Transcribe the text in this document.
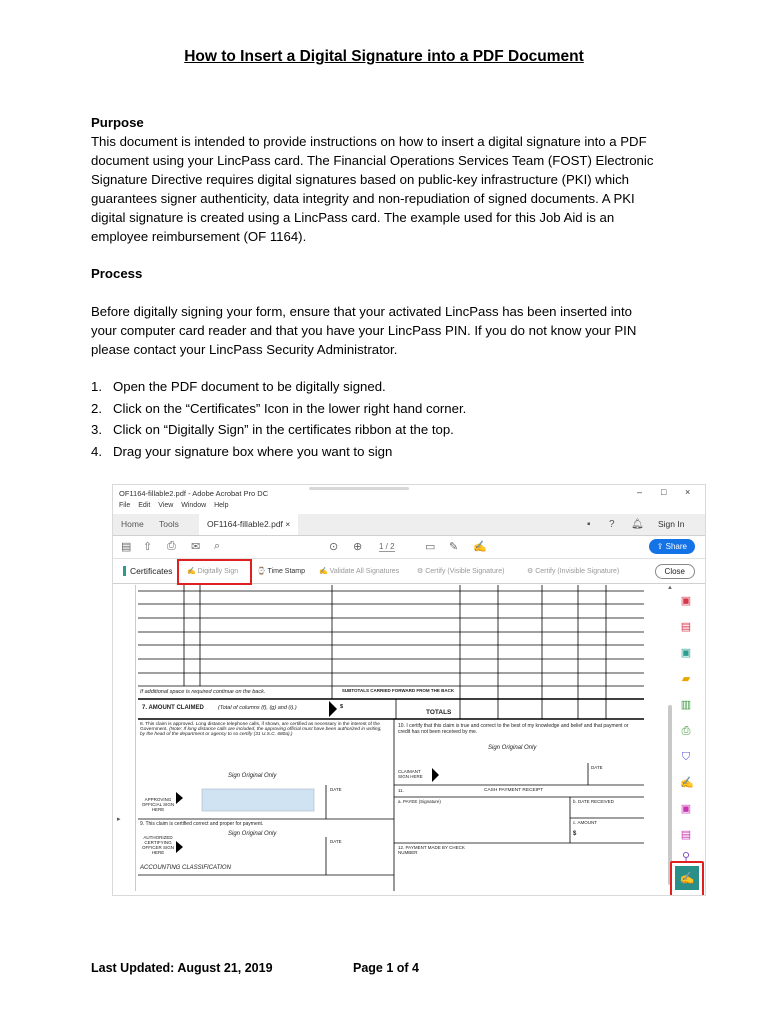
How to Insert a Digital Signature into a PDF Document
Purpose
This document is intended to provide instructions on how to insert a digital signature into a PDF
document using your LincPass card. The Financial Operations Services Team (FOST) Electronic
Signature Directive requires digital signatures based on public-key infrastructure (PKI) which
guarantees signer authenticity, data integrity and non-repudiation of signed documents. A PKI
digital signature is created using a LincPass card. The example used for this Job Aid is an
employee reimbursement (OF 1164).
Process
Before digitally signing your form, ensure that your activated LincPass has been inserted into
your computer card reader and that you have your LincPass PIN. If you do not know your PIN
please contact your LincPass Security Administrator.
1. Open the PDF document to be digitally signed.
2. Click on the “Certificates” Icon in the lower right hand corner.
3. Click on “Digitally Sign” in the certificates ribbon at the top.
4. Drag your signature box where you want to sign
OF1164-fillable2.pdf - Adobe Acrobat Pro DC	– □ ×
File Edit View Window Help
Home Tools	OF1164-fillable2.pdf ×	▪ ? 🔔︎ Sign In
▤ ⇧ ⎙ ✉ ⌕	⊙ ⊕ 1 / 2	▭ ✎ ✍	⇪ Share
Certificates ✍ Digitally Sign	⌚ Time Stamp ✍ Validate All Signatures	⚙ Certify (Visible Signature)	⚙ Certify (Invisible Signature)	Close
If additional space is required continue on the back.	SUBTOTALS CARRIED FORWARD FROM THE BACK
7. AMOUNT CLAIMED	(Total of columns (f), (g) and (i).)	$
TOTALS
8. This claim is approved. Long distance telephone calls, if shown, are certified as necessary in the interest of the Government. (Note: If long distance calls are included, the approving official must have been authorized in writing, by the head of the department or agency to so certify (31 U.S.C. 680a).)
10. I certify that this claim is true and correct to the best of my knowledge and belief and that payment or credit has not been received by me.
Sign Original Only
Sign Original Only
CLAIMANT SIGN HERE
DATE
DATE
APPROVING OFFICIAL SIGN HERE
11.	CASH PAYMENT RECEIPT
a. PAYEE (Signature)	b. DATE RECEIVED
c. AMOUNT
$
9. This claim is certified correct and proper for payment.
Sign Original Only
AUTHORIZED CERTIFYING OFFICER SIGN HERE
DATE
12. PAYMENT MADE BY CHECK NUMBER
ACCOUNTING CLASSIFICATION
▸
▲
▣
▤
▣
▰
▥
⎙
⛉
✍
▣
▤
⚲
✍
Last Updated: August 21, 2019	Page 1 of 4
